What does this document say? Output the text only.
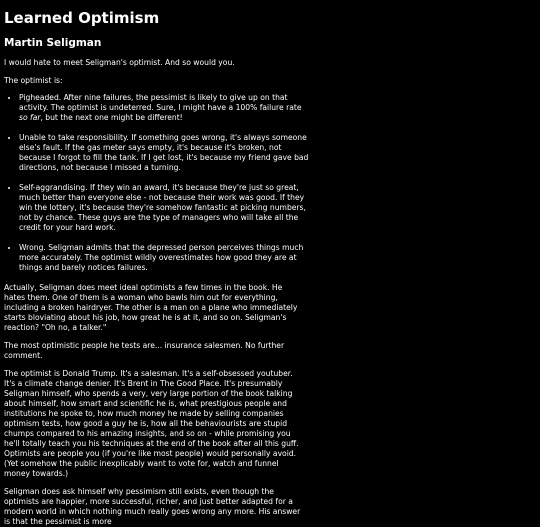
Learned Optimism
Martin Seligman

I would hate to meet Seligman's optimist. And so would you.

The optimist is:

• Pigheaded. After nine failures, the pessimist is likely to give up on that activity. The optimist is undeterred. Sure, I might have a 100% failure rate so far, but the next one might be different!
• Unable to take responsibility. If something goes wrong, it's always someone else's fault. If the gas meter says empty, it's because it's broken, not because I forgot to fill the tank. If I get lost, it's because my friend gave bad directions, not because I missed a turning.
• Self-aggrandising. If they win an award, it's because they're just so great, much better than everyone else - not because their work was good. If they win the lottery, it's because they're somehow fantastic at picking numbers, not by chance. These guys are the type of managers who will take all the credit for your hard work.
• Wrong. Seligman admits that the depressed person perceives things much more accurately. The optimist wildly overestimates how good they are at things and barely notices failures.

Actually, Seligman does meet ideal optimists a few times in the book. He hates them. One of them is a woman who bawls him out for everything, including a broken hairdryer. The other is a man on a plane who immediately starts bloviating about his job, how great he is at it, and so on. Seligman's reaction? "Oh no, a talker."

The most optimistic people he tests are... insurance salesmen. No further comment.

The optimist is Donald Trump. It's a salesman. It's a self-obsessed youtuber. It's a climate change denier. It's Brent in The Good Place. It's presumably Seligman himself, who spends a very, very large portion of the book talking about himself, how smart and scientific he is, what prestigious people and institutions he spoke to, how much money he made by selling companies optimism tests, how good a guy he is, how all the behaviourists are stupid chumps compared to his amazing insights, and so on - while promising you he'll totally teach you his techniques at the end of the book after all this guff. Optimists are people you (if you're like most people) would personally avoid. (Yet somehow the public inexplicably want to vote for, watch and funnel money towards.)

Seligman does ask himself why pessimism still exists, even though the optimists are happier, more successful, richer, and just better adapted for a modern world in which nothing much really goes wrong any more. His answer is that the pessimist is more
